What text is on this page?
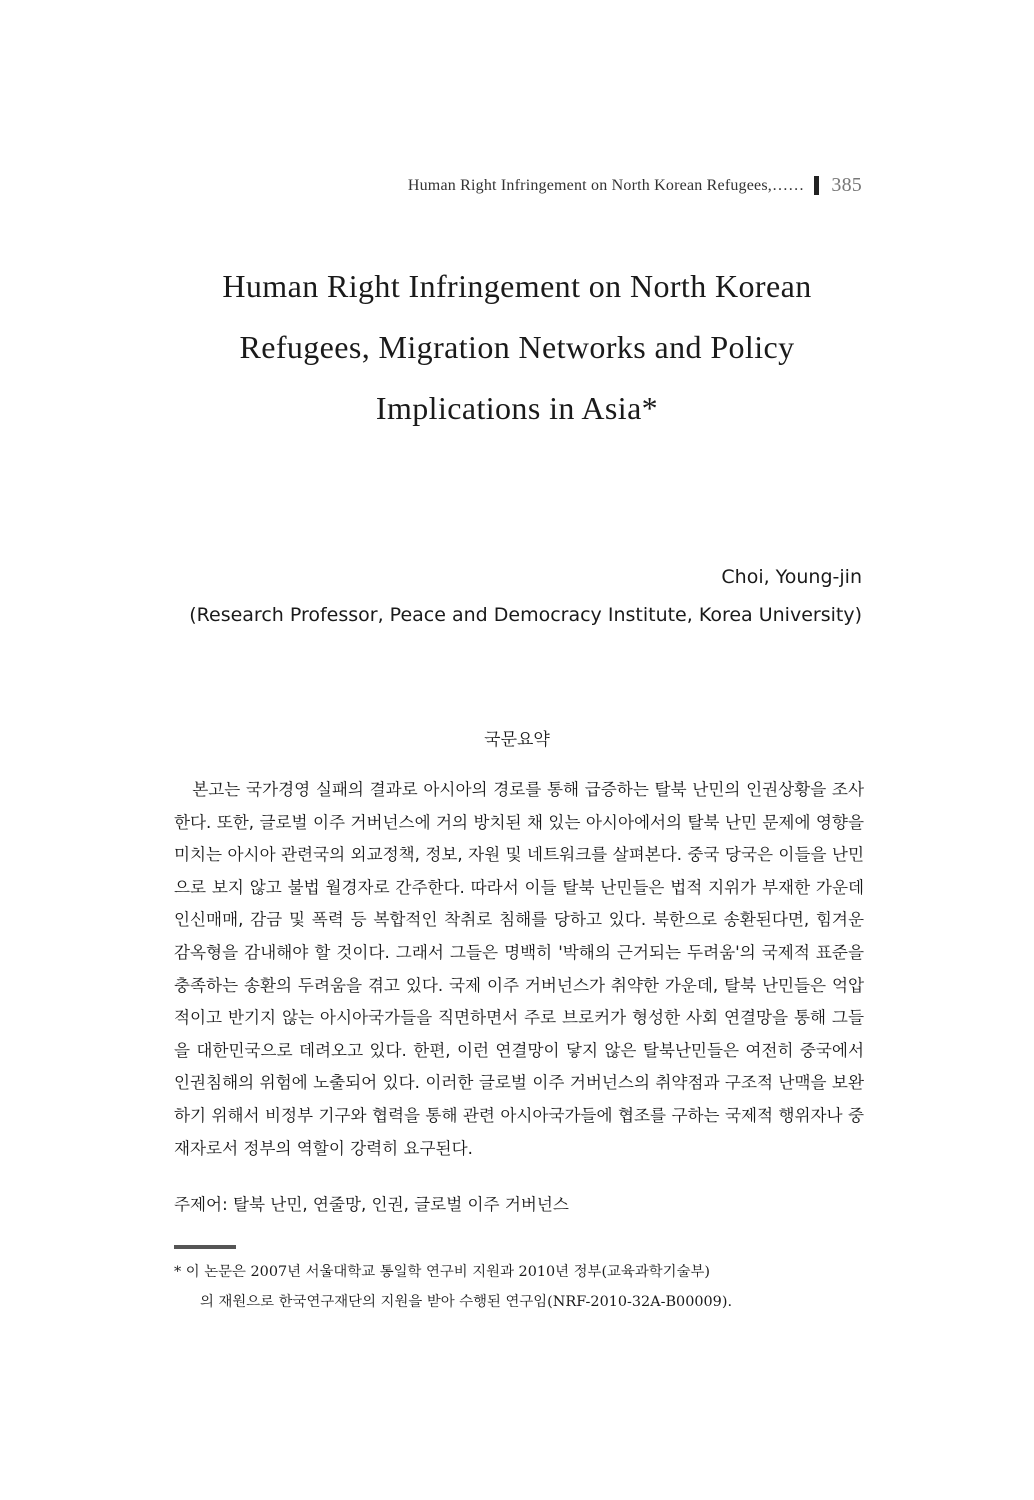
Human Right Infringement on North Korean Refugees,…… 385
Human Right Infringement on North Korean
Refugees, Migration Networks and Policy
Implications in Asia*
Choi, Young-jin
(Research Professor, Peace and Democracy Institute, Korea University)
국문요약

본고는 국가경영 실패의 결과로 아시아의 경로를 통해 급증하는 탈북 난민의 인권상황을 조사한다. 또한, 글로벌 이주 거버넌스에 거의 방치된 채 있는 아시아에서의 탈북 난민 문제에 영향을 미치는 아시아 관련국의 외교정책, 정보, 자원 및 네트워크를 살펴본다. 중국 당국은 이들을 난민으로 보지 않고 불법 월경자로 간주한다. 따라서 이들 탈북 난민들은 법적 지위가 부재한 가운데 인신매매, 감금 및 폭력 등 복합적인 착취로 침해를 당하고 있다. 북한으로 송환된다면, 힘겨운 감옥형을 감내해야 할 것이다. 그래서 그들은 명백히 '박해의 근거되는 두려움'의 국제적 표준을 충족하는 송환의 두려움을 겪고 있다. 국제 이주 거버넌스가 취약한 가운데, 탈북 난민들은 억압적이고 반기지 않는 아시아국가들을 직면하면서 주로 브로커가 형성한 사회 연결망을 통해 그들을 대한민국으로 데려오고 있다. 한편, 이런 연결망이 닿지 않은 탈북난민들은 여전히 중국에서 인권침해의 위험에 노출되어 있다. 이러한 글로벌 이주 거버넌스의 취약점과 구조적 난맥을 보완하기 위해서 비정부 기구와 협력을 통해 관련 아시아국가들에 협조를 구하는 국제적 행위자나 중재자로서 정부의 역할이 강력히 요구된다.

주제어: 탈북 난민, 연줄망, 인권, 글로벌 이주 거버넌스
* 이 논문은 2007년 서울대학교 통일학 연구비 지원과 2010년 정부(교육과학기술부)
의 재원으로 한국연구재단의 지원을 받아 수행된 연구임(NRF-2010-32A-B00009).
